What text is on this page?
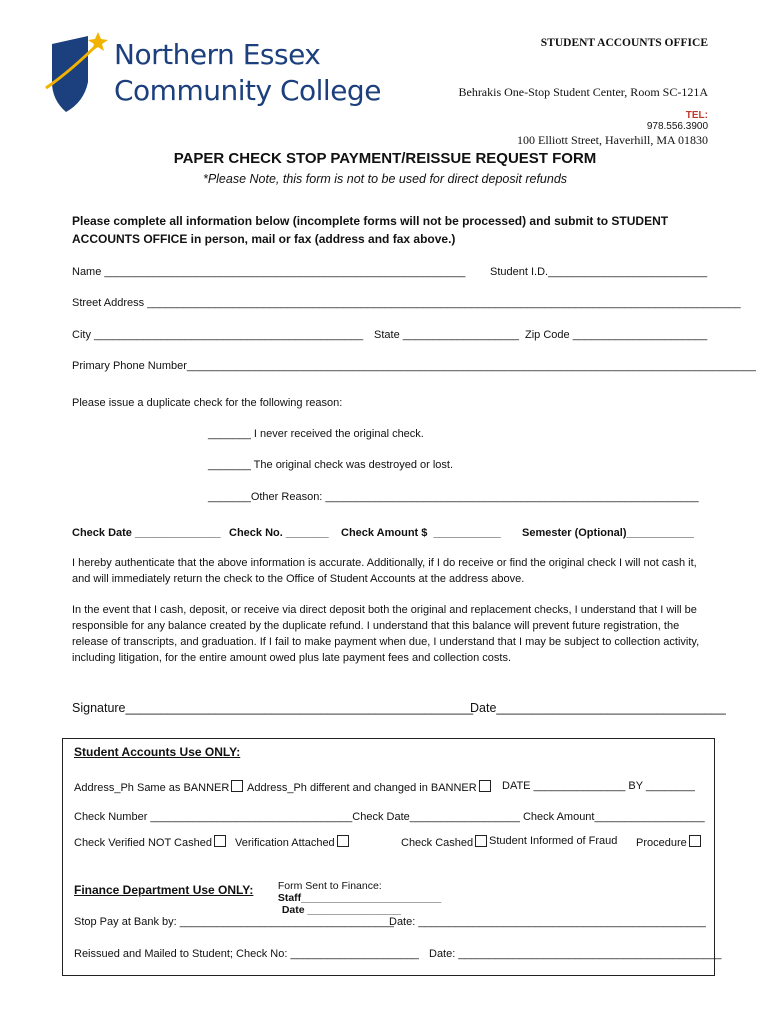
Northern Essex

Community College

STUDENT ACCOUNTS OFFICE

Behrakis One-Stop Student Center, Room SC-121A

100 Elliott Street, Haverhill, MA 01830

TEL:
978.556.3900

PAPER CHECK STOP PAYMENT/REISSUE REQUEST FORM
*Please Note, this form is not to be used for direct deposit refunds
Please complete all information below (incomplete forms will not be processed) and submit to STUDENT ACCOUNTS OFFICE in person, mail or fax (address and fax above.)
Name ___________________________________________________________ Student I.D.__________________________
Street Address _________________________________________________________________________________________________
City ____________________________________________ State ___________________ Zip Code ______________________
Primary Phone Number_____________________________________________________________________________________________
Please issue a duplicate check for the following reason:
_______ I never received the original check.
_______ The original check was destroyed or lost.
_______Other Reason: _____________________________________________________________
Check Date ______________ Check No. _______ Check Amount $  ___________ Semester (Optional)___________
I hereby authenticate that the above information is accurate. Additionally, if I do receive or find the original check I will not cash it, and will immediately return the check to the Office of Student Accounts at the address above.
In the event that I cash, deposit, or receive via direct deposit both the original and replacement checks, I understand that I will be responsible for any balance created by the duplicate refund. I understand that this balance will prevent future registration, the release of transcripts, and graduation. If I fail to make payment when due, I understand that I may be subject to collection activity, including litigation, for the entire amount owed plus late payment fees and collection costs.
Signature__________________________________________________
Date_________________________________
Student Accounts Use ONLY:
Address_Ph Same as BANNER	Address_Ph different and changed in BANNER	DATE _______________ BY ________
Check Number _________________________________Check Date__________________ Check Amount__________________
Check Verified NOT Cashed	Verification Attached	Check Cashed	Student Informed of Fraud Procedure

Form Sent to Finance:
Staff________________________
Date ________________

Finance Department Use ONLY:
Stop Pay at Bank by: ___________________________________
Date: _______________________________________________
Reissued and Mailed to Student; Check No: _____________________ Date: ___________________________________________
